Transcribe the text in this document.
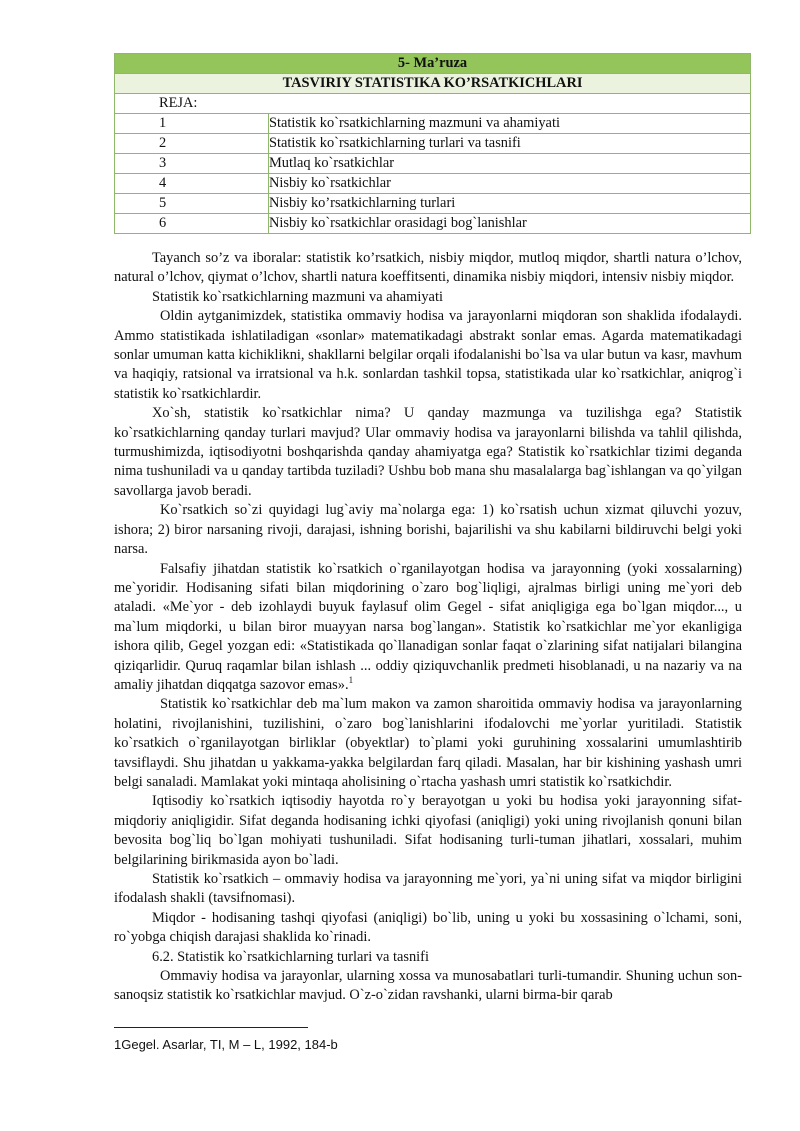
5- Ma’ruza	
TASVIRIY STATISTIKA KO’RSATKICHLARI	
REJA:	
1	Statistik ko`rsatkichlarning mazmuni va ahamiyati
2	Statistik ko`rsatkichlarning turlari va tasnifi
3	Mutlaq ko`rsatkichlar
4	Nisbiy ko`rsatkichlar
5	Nisbiy ko’rsatkichlarning turlari
6	Nisbiy ko`rsatkichlar orasidagi bog`lanishlar

Tayanch so’z va iboralar: statistik ko’rsatkich, nisbiy miqdor, mutloq miqdor, shartli natura o’lchov, natural o’lchov, qiymat o’lchov, shartli natura koeffitsenti, dinamika nisbiy miqdori, intensiv nisbiy miqdor.

Statistik ko`rsatkichlarning mazmuni va ahamiyati

Oldin aytganimizdek, statistika ommaviy hodisa va jarayonlarni miqdoran son shaklida ifodalaydi. Ammo statistikada ishlatiladigan «sonlar» matematikadagi abstrakt sonlar emas. Agarda matematikadagi sonlar umuman katta kichiklikni, shakllarni belgilar orqali ifodalanishi bo`lsa va ular butun va kasr, mavhum va haqiqiy, ratsional va irratsional va h.k. sonlardan tashkil topsa, statistikada ular ko`rsatkichlar, aniqrog`i statistik ko`rsatkichlardir.

Xo`sh, statistik ko`rsatkichlar nima? U qanday mazmunga va tuzilishga ega? Statistik ko`rsatkichlarning qanday turlari mavjud? Ular ommaviy hodisa va jarayonlarni bilishda va tahlil qilishda, turmushimizda, iqtisodiyotni boshqarishda qanday ahamiyatga ega? Statistik ko`rsatkichlar tizimi deganda nima tushuniladi va u qanday tartibda tuziladi? Ushbu bob mana shu masalalarga bag`ishlangan va qo`yilgan savollarga javob beradi.

Ko`rsatkich so`zi quyidagi lug`aviy ma`nolarga ega: 1) ko`rsatish uchun xizmat qiluvchi yozuv, ishora; 2) biror narsaning rivoji, darajasi, ishning borishi, bajarilishi va shu kabilarni bildiruvchi belgi yoki narsa.

Falsafiy jihatdan statistik ko`rsatkich o`rganilayotgan hodisa va jarayonning (yoki xossalarning) me`yoridir. Hodisaning sifati bilan miqdorining o`zaro bog`liqligi, ajralmas birligi uning me`yori deb ataladi. «Me`yor - deb izohlaydi buyuk faylasuf olim Gegel - sifat aniqligiga ega bo`lgan miqdor..., u ma`lum miqdorki, u bilan biror muayyan narsa bog`langan». Statistik ko`rsatkichlar me`yor ekanligiga ishora qilib, Gegel yozgan edi: «Statistikada qo`llanadigan sonlar faqat o`zlarining sifat natijalari bilangina qiziqarlidir. Quruq raqamlar bilan ishlash ... oddiy qiziquvchanlik predmeti hisoblanadi, u na nazariy va na amaliy jihatdan diqqatga sazovor emas».$^1$

Statistik ko`rsatkichlar deb ma`lum makon va zamon sharoitida ommaviy hodisa va jarayonlarning holatini, rivojlanishini, tuzilishini, o`zaro bog`lanishlarini ifodalovchi me`yorlar yuritiladi. Statistik ko`rsatkich o`rganilayotgan birliklar (obyektlar) to`plami yoki guruhining xossalarini umumlashtirib tavsiflaydi. Shu jihatdan u yakkama-yakka belgilardan farq qiladi. Masalan, har bir kishining yashash umri belgi sanaladi. Mamlakat yoki mintaqa aholisining o`rtacha yashash umri statistik ko`rsatkichdir.

Iqtisodiy ko`rsatkich iqtisodiy hayotda ro`y berayotgan u yoki bu hodisa yoki jarayonning sifat-miqdoriy aniqligidir. Sifat deganda hodisaning ichki qiyofasi (aniqligi) yoki uning rivojlanish qonuni bilan bevosita bog`liq bo`lgan mohiyati tushuniladi. Sifat hodisaning turli-tuman jihatlari, xossalari, muhim belgilarining birikmasida ayon bo`ladi.

Statistik ko`rsatkich – ommaviy hodisa va jarayonning me`yori, ya`ni uning sifat va miqdor birligini ifodalash shakli (tavsifnomasi).

Miqdor - hodisaning tashqi qiyofasi (aniqligi) bo`lib, uning u yoki bu xossasining o`lchami, soni, ro`yobga chiqish darajasi shaklida ko`rinadi.

6.2. Statistik ko`rsatkichlarning turlari va tasnifi

Ommaviy hodisa va jarayonlar, ularning xossa va munosabatlari turli-tumandir. Shuning uchun son-sanoqsiz statistik ko`rsatkichlar mavjud. O`z-o`zidan ravshanki, ularni birma-bir qarab

1Gegel. Asarlar, TI, M – L, 1992, 184-b
